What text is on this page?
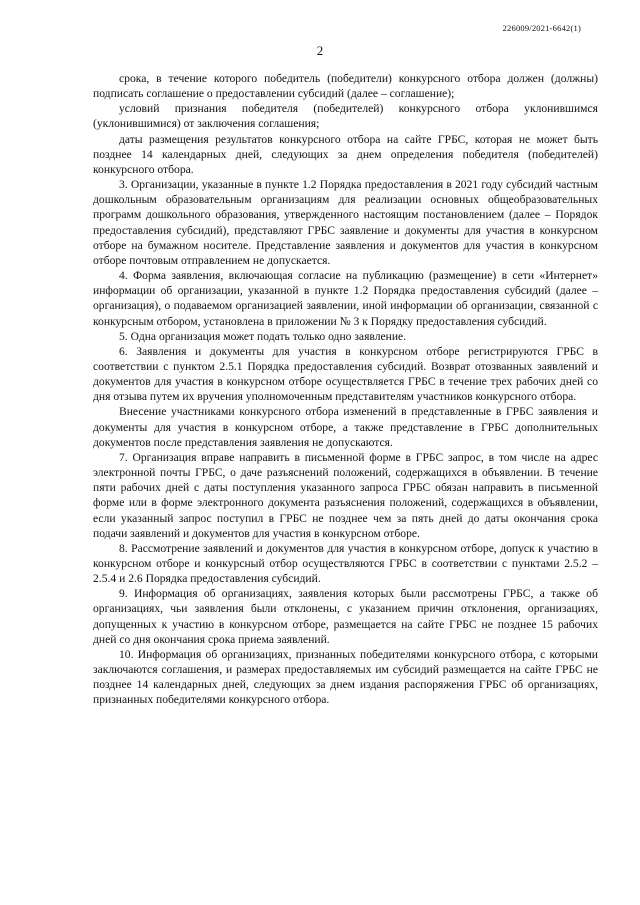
226009/2021-6642(1)
2

срока, в течение которого победитель (победители) конкурсного отбора должен (должны) подписать соглашение о предоставлении субсидий (далее – соглашение);

условий признания победителя (победителей) конкурсного отбора уклонившимся (уклонившимися) от заключения соглашения;

даты размещения результатов конкурсного отбора на сайте ГРБС, которая не может быть позднее 14 календарных дней, следующих за днем определения победителя (победителей) конкурсного отбора.

3. Организации, указанные в пункте 1.2 Порядка предоставления в 2021 году субсидий частным дошкольным образовательным организациям для реализации основных общеобразовательных программ дошкольного образования, утвержденного настоящим постановлением (далее – Порядок предоставления субсидий), представляют ГРБС заявление и документы для участия в конкурсном отборе на бумажном носителе. Представление заявления и документов для участия в конкурсном отборе почтовым отправлением не допускается.

4. Форма заявления, включающая согласие на публикацию (размещение) в сети «Интернет» информации об организации, указанной в пункте 1.2 Порядка предоставления субсидий (далее – организация), о подаваемом организацией заявлении, иной информации об организации, связанной с конкурсным отбором, установлена в приложении № 3 к Порядку предоставления субсидий.

5. Одна организация может подать только одно заявление.

6. Заявления и документы для участия в конкурсном отборе регистрируются ГРБС в соответствии с пунктом 2.5.1 Порядка предоставления субсидий. Возврат отозванных заявлений и документов для участия в конкурсном отборе осуществляется ГРБС в течение трех рабочих дней со дня отзыва путем их вручения уполномоченным представителям участников конкурсного отбора.

Внесение участниками конкурсного отбора изменений в представленные в ГРБС заявления и документы для участия в конкурсном отборе, а также представление в ГРБС дополнительных документов после представления заявления не допускаются.

7. Организация вправе направить в письменной форме в ГРБС запрос, в том числе на адрес электронной почты ГРБС, о даче разъяснений положений, содержащихся в объявлении. В течение пяти рабочих дней с даты поступления указанного запроса ГРБС обязан направить в письменной форме или в форме электронного документа разъяснения положений, содержащихся в объявлении, если указанный запрос поступил в ГРБС не позднее чем за пять дней до даты окончания срока подачи заявлений и документов для участия в конкурсном отборе.

8. Рассмотрение заявлений и документов для участия в конкурсном отборе, допуск к участию в конкурсном отборе и конкурсный отбор осуществляются ГРБС в соответствии с пунктами 2.5.2 – 2.5.4 и 2.6 Порядка предоставления субсидий.

9. Информация об организациях, заявления которых были рассмотрены ГРБС, а также об организациях, чьи заявления были отклонены, с указанием причин отклонения, организациях, допущенных к участию в конкурсном отборе, размещается на сайте ГРБС не позднее 15 рабочих дней со дня окончания срока приема заявлений.

10. Информация об организациях, признанных победителями конкурсного отбора, с которыми заключаются соглашения, и размерах предоставляемых им субсидий размещается на сайте ГРБС не позднее 14 календарных дней, следующих за днем издания распоряжения ГРБС об организациях, признанных победителями конкурсного отбора.
